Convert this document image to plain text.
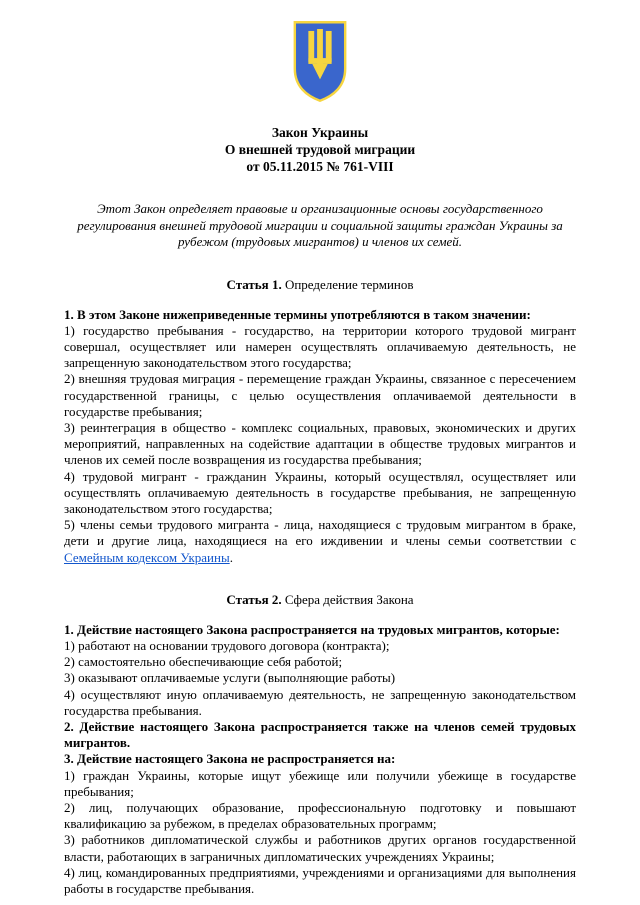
Закон Украины
О внешней трудовой миграции
от 05.11.2015 № 761-VIII

Этот Закон определяет правовые и организационные основы государственного регулирования внешней трудовой миграции и социальной защиты граждан Украины за рубежом (трудовых мигрантов) и членов их семей.

Статья 1. Определение терминов

1. В этом Законе нижеприведенные термины употребляются в таком значении:

1) государство пребывания - государство, на территории которого трудовой мигрант совершал, осуществляет или намерен осуществлять оплачиваемую деятельность, не запрещенную законодательством этого государства;

2) внешняя трудовая миграция - перемещение граждан Украины, связанное с пересечением государственной границы, с целью осуществления оплачиваемой деятельности в государстве пребывания;

3) реинтеграция в общество - комплекс социальных, правовых, экономических и других мероприятий, направленных на содействие адаптации в обществе трудовых мигрантов и членов их семей после возвращения из государства пребывания;

4) трудовой мигрант - гражданин Украины, который осуществлял, осуществляет или осуществлять оплачиваемую деятельность в государстве пребывания, не запрещенную законодательством этого государства;

5) члены семьи трудового мигранта - лица, находящиеся с трудовым мигрантом в браке, дети и другие лица, находящиеся на его иждивении и члены семьи соответствии с Семейным кодексом Украины.

Статья 2. Сфера действия Закона

1. Действие настоящего Закона распространяется на трудовых мигрантов, которые:

1) работают на основании трудового договора (контракта);

2) самостоятельно обеспечивающие себя работой;

3) оказывают оплачиваемые услуги (выполняющие работы)

4) осуществляют иную оплачиваемую деятельность, не запрещенную законодательством государства пребывания.

2. Действие настоящего Закона распространяется также на членов семей трудовых мигрантов.

3. Действие настоящего Закона не распространяется на:

1) граждан Украины, которые ищут убежище или получили убежище в государстве пребывания;

2) лиц, получающих образование, профессиональную подготовку и повышают квалификацию за рубежом, в пределах образовательных программ;

3) работников дипломатической службы и работников других органов государственной власти, работающих в заграничных дипломатических учреждениях Украины;

4) лиц, командированных предприятиями, учреждениями и организациями для выполнения работы в государстве пребывания.
